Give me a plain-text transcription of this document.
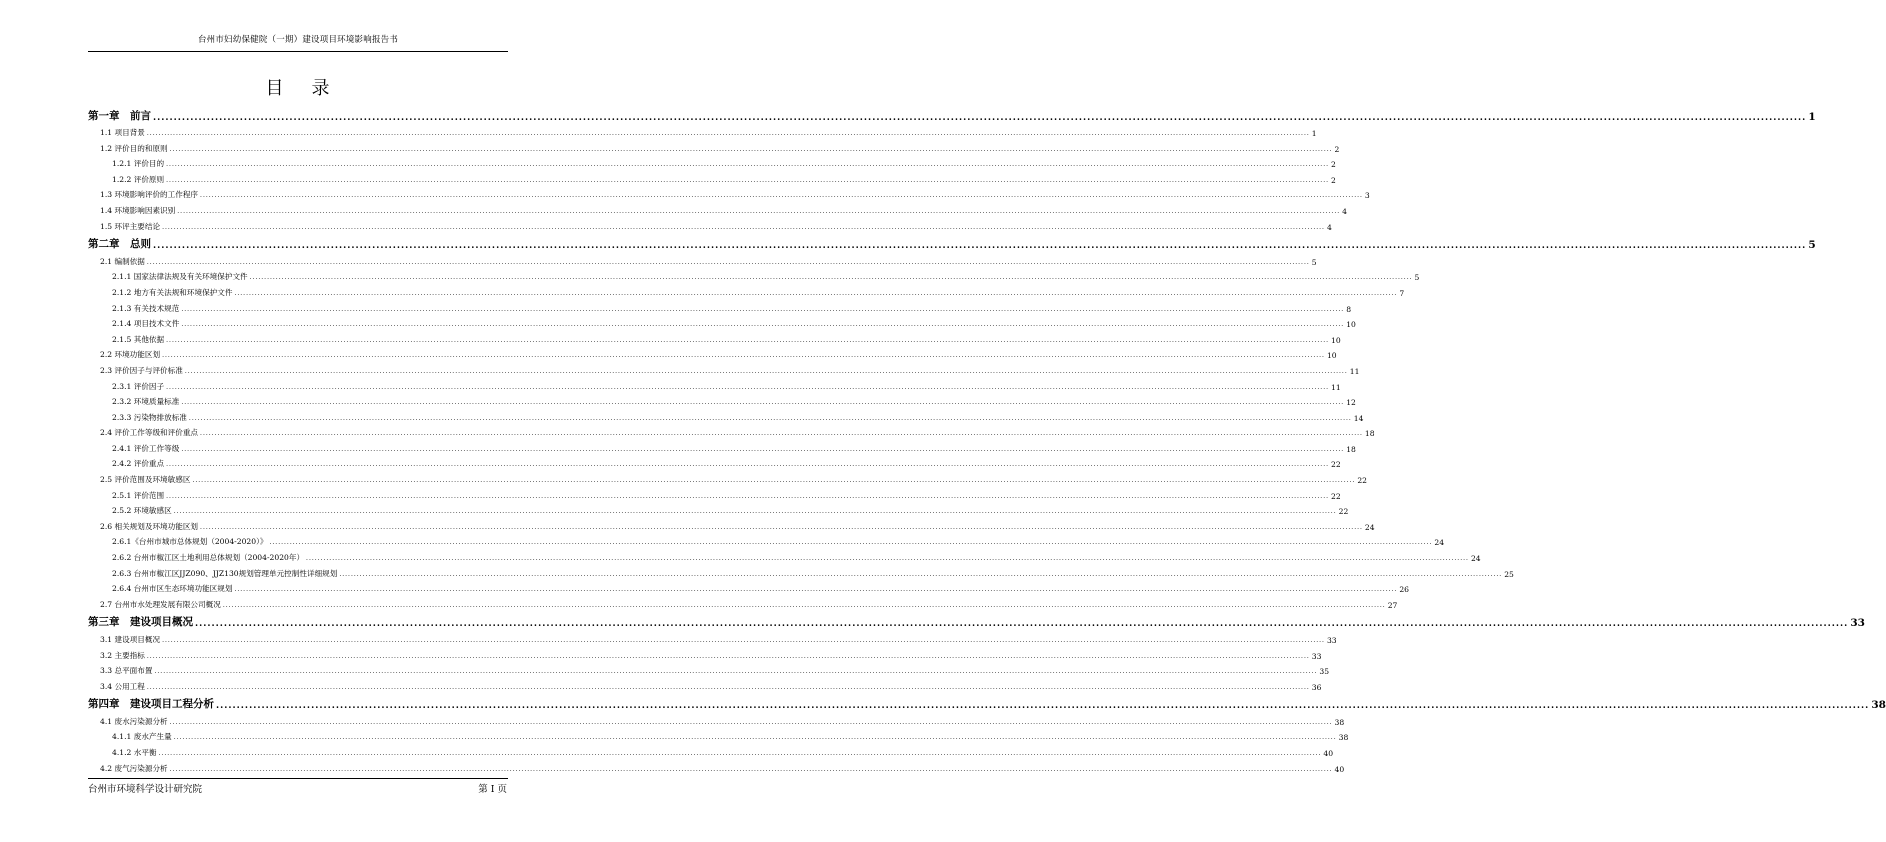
台州市妇幼保健院（一期）建设项目环境影响报告书
目录
第一章　前言 ................................................................................................................................................................................................................................................................................................................................................................................................................ 1
1.1 项目背景 ................................................................................................................................................................................................................................................................................................................................................................................................................ 1
1.2 评价目的和原则 ................................................................................................................................................................................................................................................................................................................................................................................................................ 2
1.2.1 评价目的 ................................................................................................................................................................................................................................................................................................................................................................................................................ 2
1.2.2 评价原则 ................................................................................................................................................................................................................................................................................................................................................................................................................ 2
1.3 环境影响评价的工作程序 ................................................................................................................................................................................................................................................................................................................................................................................................................ 3
1.4 环境影响因素识别 ................................................................................................................................................................................................................................................................................................................................................................................................................ 4
1.5 环评主要结论 ................................................................................................................................................................................................................................................................................................................................................................................................................ 4
第二章　总则 ................................................................................................................................................................................................................................................................................................................................................................................................................ 5
2.1 编制依据 ................................................................................................................................................................................................................................................................................................................................................................................................................ 5
2.1.1 国家法律法规及有关环境保护文件 ................................................................................................................................................................................................................................................................................................................................................................................................................ 5
2.1.2 地方有关法规和环境保护文件 ................................................................................................................................................................................................................................................................................................................................................................................................................ 7
2.1.3 有关技术规范 ................................................................................................................................................................................................................................................................................................................................................................................................................ 8
2.1.4 项目技术文件 ................................................................................................................................................................................................................................................................................................................................................................................................................ 10
2.1.5 其他依据 ................................................................................................................................................................................................................................................................................................................................................................................................................ 10
2.2 环境功能区划 ................................................................................................................................................................................................................................................................................................................................................................................................................ 10
2.3 评价因子与评价标准 ................................................................................................................................................................................................................................................................................................................................................................................................................ 11
2.3.1 评价因子 ................................................................................................................................................................................................................................................................................................................................................................................................................ 11
2.3.2 环境质量标准 ................................................................................................................................................................................................................................................................................................................................................................................................................ 12
2.3.3 污染物排放标准 ................................................................................................................................................................................................................................................................................................................................................................................................................ 14
2.4 评价工作等级和评价重点 ................................................................................................................................................................................................................................................................................................................................................................................................................ 18
2.4.1 评价工作等级 ................................................................................................................................................................................................................................................................................................................................................................................................................ 18
2.4.2 评价重点 ................................................................................................................................................................................................................................................................................................................................................................................................................ 22
2.5 评价范围及环境敏感区 ................................................................................................................................................................................................................................................................................................................................................................................................................ 22
2.5.1 评价范围 ................................................................................................................................................................................................................................................................................................................................................................................................................ 22
2.5.2 环境敏感区 ................................................................................................................................................................................................................................................................................................................................................................................................................ 22
2.6 相关规划及环境功能区划 ................................................................................................................................................................................................................................................................................................................................................................................................................ 24
2.6.1《台州市城市总体规划（2004-2020）》 ................................................................................................................................................................................................................................................................................................................................................................................................................ 24
2.6.2 台州市椒江区土地利用总体规划（2004-2020年） ................................................................................................................................................................................................................................................................................................................................................................................................................ 24
2.6.3 台州市椒江区JJZ090、JJZ130规划管理单元控制性详细规划 ................................................................................................................................................................................................................................................................................................................................................................................................................ 25
2.6.4 台州市区生态环境功能区规划 ................................................................................................................................................................................................................................................................................................................................................................................................................ 26
2.7 台州市水处理发展有限公司概况 ................................................................................................................................................................................................................................................................................................................................................................................................................ 27
第三章　建设项目概况 ................................................................................................................................................................................................................................................................................................................................................................................................................ 33
3.1 建设项目概况 ................................................................................................................................................................................................................................................................................................................................................................................................................ 33
3.2 主要指标 ................................................................................................................................................................................................................................................................................................................................................................................................................ 33
3.3 总平面布置 ................................................................................................................................................................................................................................................................................................................................................................................................................ 35
3.4 公用工程 ................................................................................................................................................................................................................................................................................................................................................................................................................ 36
第四章　建设项目工程分析 ................................................................................................................................................................................................................................................................................................................................................................................................................ 38
4.1 废水污染源分析 ................................................................................................................................................................................................................................................................................................................................................................................................................ 38
4.1.1 废水产生量 ................................................................................................................................................................................................................................................................................................................................................................................................................ 38
4.1.2 水平衡 ................................................................................................................................................................................................................................................................................................................................................................................................................ 40
4.2 废气污染源分析 ................................................................................................................................................................................................................................................................................................................................................................................................................ 40
台州市环境科学设计研究院	第 I 页
